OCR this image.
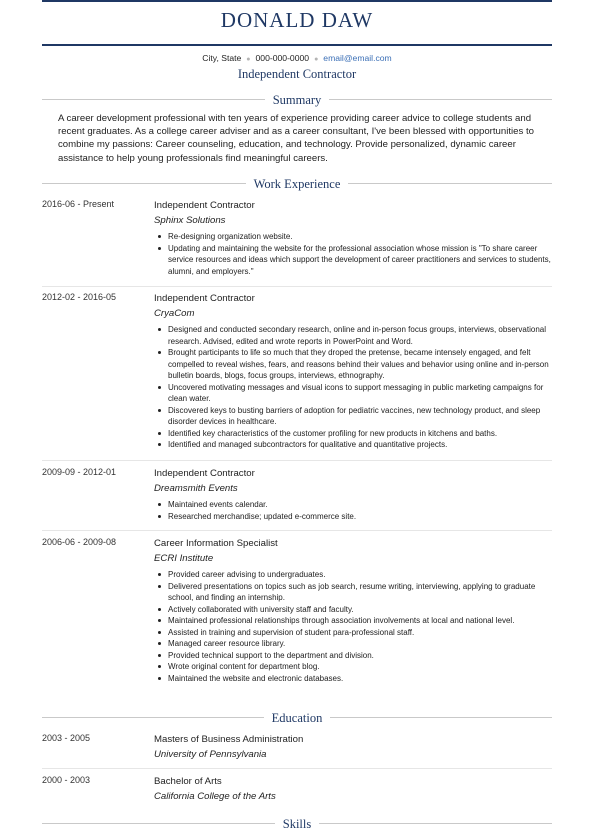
DONALD DAW
City, State ● 000-000-0000 ● email@email.com
Independent Contractor
Summary
A career development professional with ten years of experience providing career advice to college students and recent graduates. As a college career adviser and as a career consultant, I've been blessed with opportunities to combine my passions: Career counseling, education, and technology. Provide personalized, dynamic career assistance to help young professionals find meaningful careers.
Work Experience
2016-06 - Present	Independent Contractor
Sphinx Solutions
Re-designing organization website.
Updating and maintaining the website for the professional association whose mission is "To share career service resources and ideas which support the development of career practitioners and services to students, alumni, and employers."
2012-02 - 2016-05	Independent Contractor
CryaCom
Designed and conducted secondary research, online and in-person focus groups, interviews, observational research. Advised, edited and wrote reports in PowerPoint and Word.
Brought participants to life so much that they droped the pretense, became intensely engaged, and felt compelled to reveal wishes, fears, and reasons behind their values and behavior using online and in-person bulletin boards, blogs, focus groups, interviews, ethnography.
Uncovered motivating messages and visual icons to support messaging in public marketing campaigns for clean water.
Discovered keys to busting barriers of adoption for pediatric vaccines, new technology product, and sleep disorder devices in healthcare.
Identified key characteristics of the customer profiling for new products in kitchens and baths.
Identified and managed subcontractors for qualitative and quantitative projects.
2009-09 - 2012-01	Independent Contractor
Dreamsmith Events
Maintained events calendar.
Researched merchandise; updated e-commerce site.
2006-06 - 2009-08	Career Information Specialist
ECRI Institute
Provided career advising to undergraduates.
Delivered presentations on topics such as job search, resume writing, interviewing, applying to graduate school, and finding an internship.
Actively collaborated with university staff and faculty.
Maintained professional relationships through association involvements at local and national level.
Assisted in training and supervision of student para-professional staff.
Managed career resource library.
Provided technical support to the department and division.
Wrote original content for department blog.
Maintained the website and electronic databases.
Education
2003 - 2005	Masters of Business Administration
University of Pennsylvania
2000 - 2003	Bachelor of Arts
California College of the Arts
Skills
